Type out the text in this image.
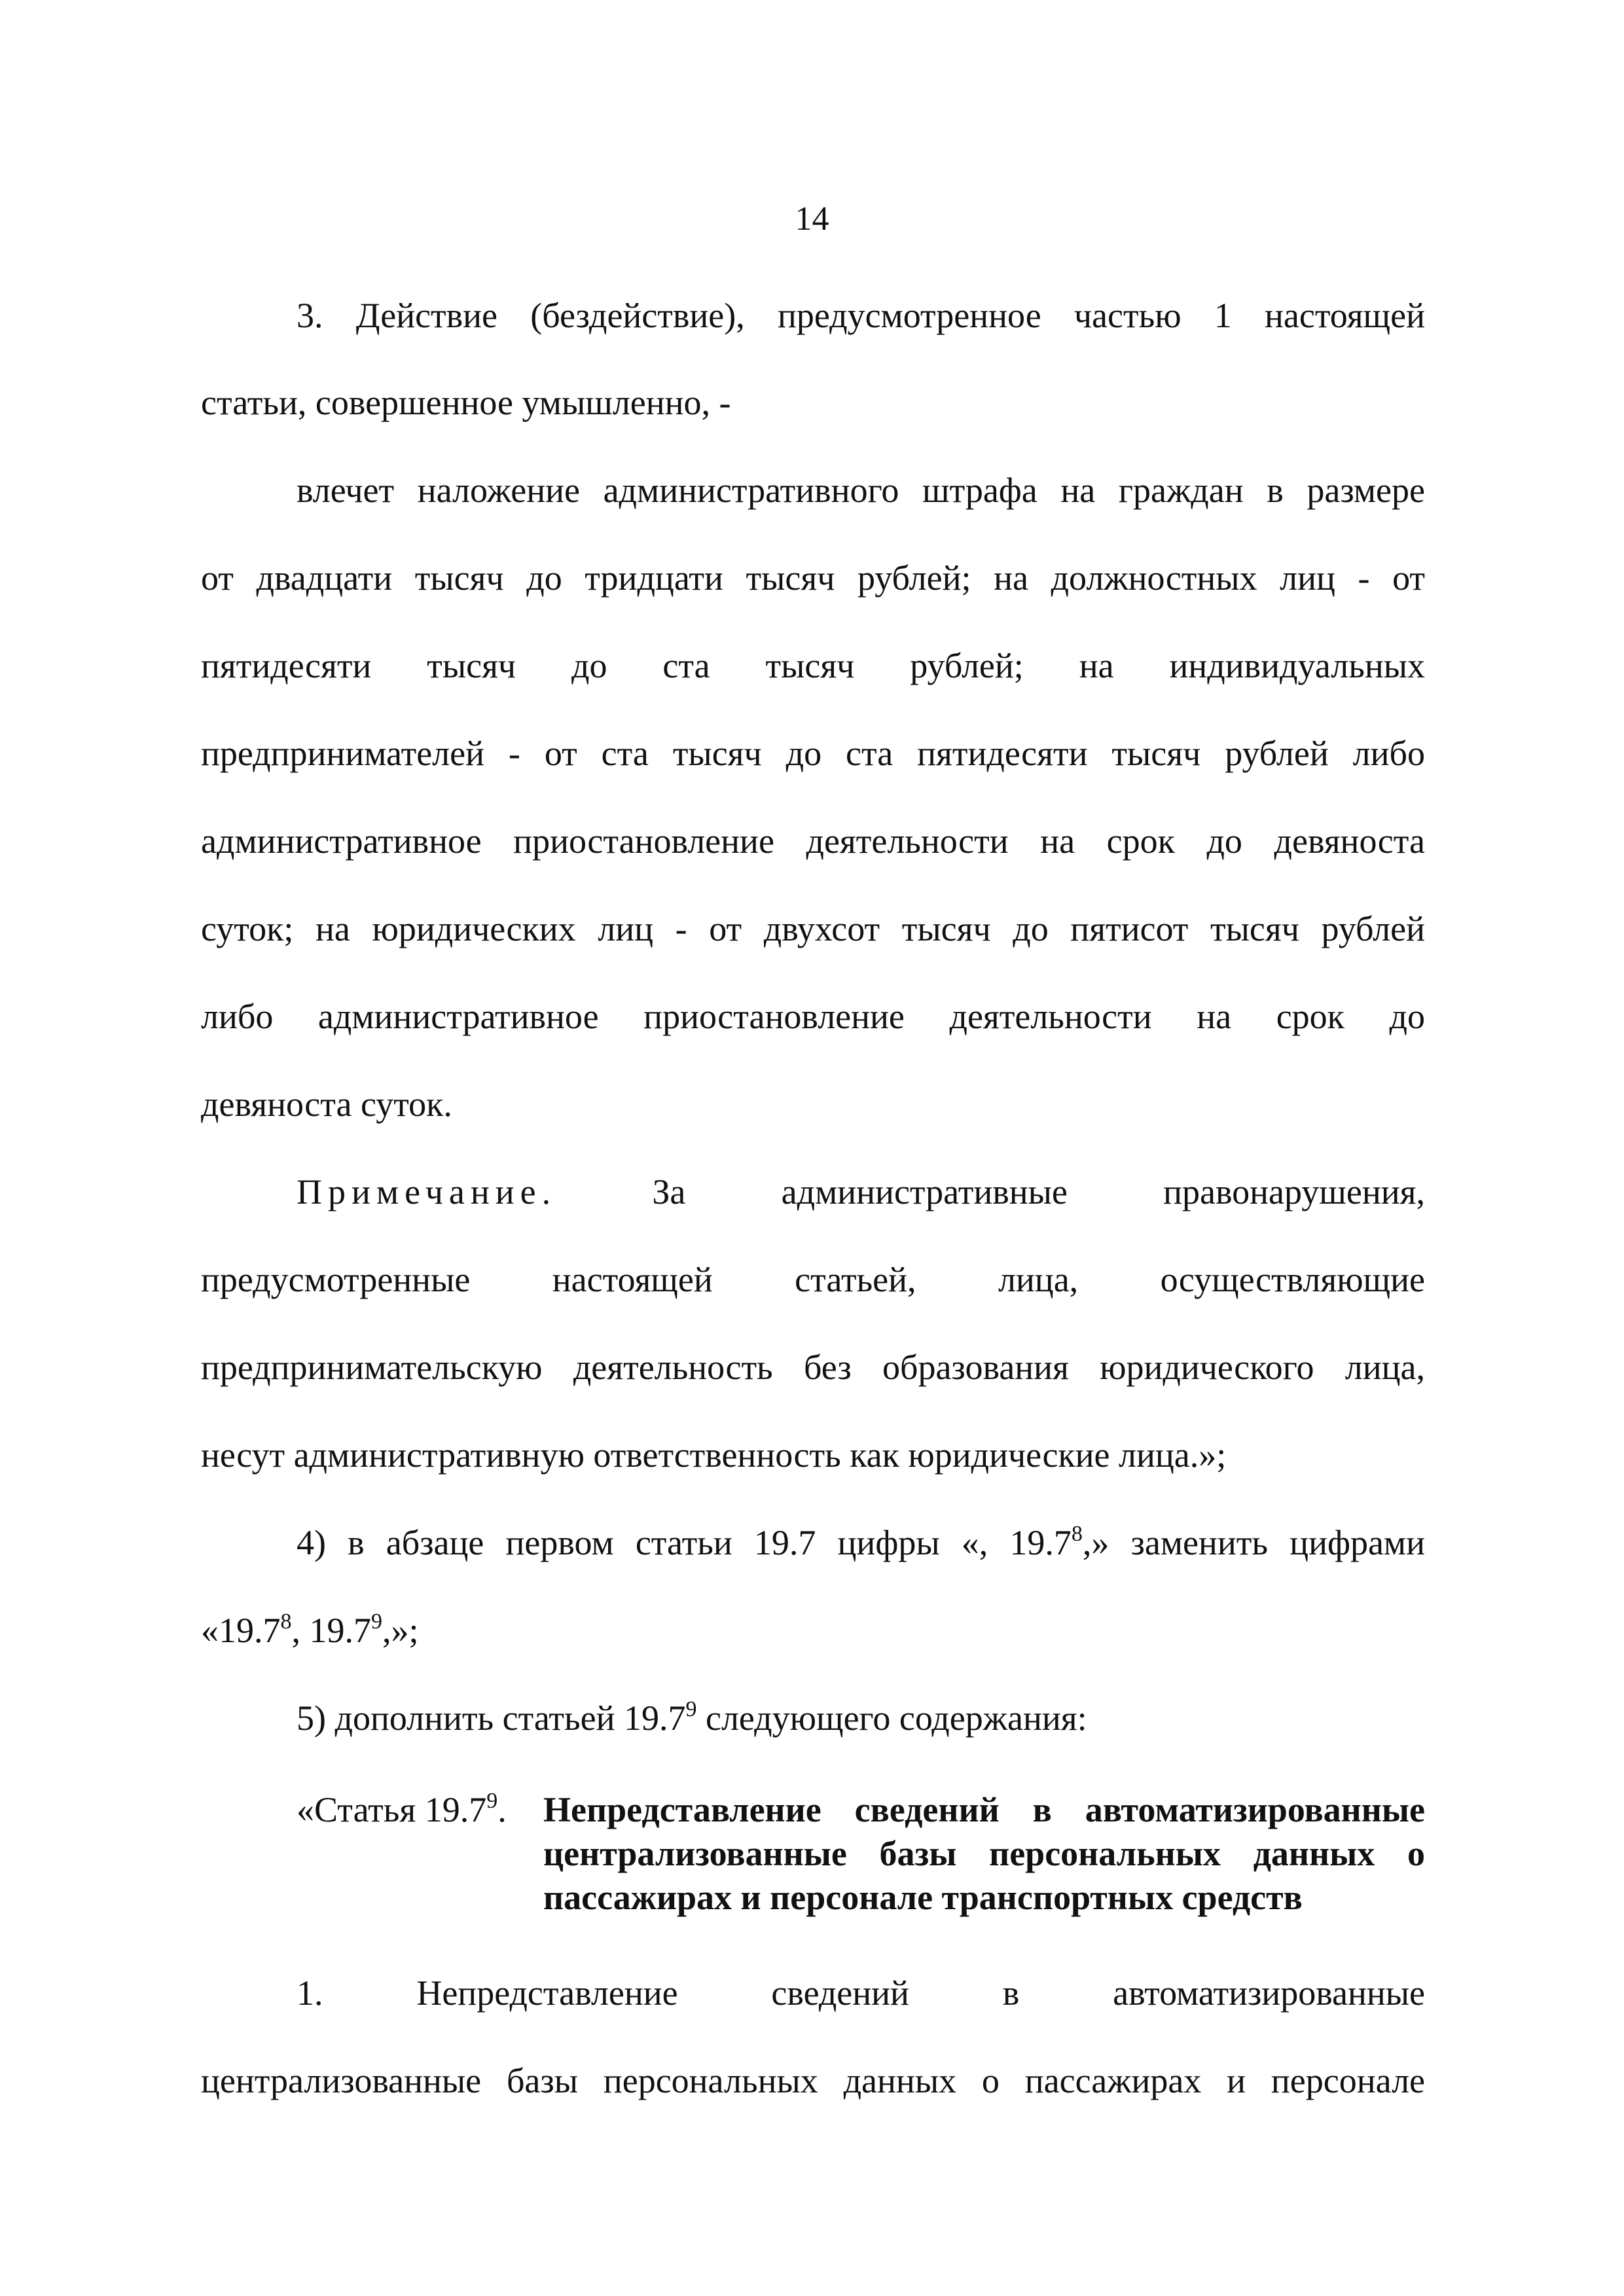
14
3. Действие (бездействие), предусмотренное частью 1 настоящей
статьи, совершенное умышленно, -
влечет наложение административного штрафа на граждан в размере
от двадцати тысяч до тридцати тысяч рублей; на должностных лиц - от
пятидесяти тысяч до ста тысяч рублей; на индивидуальных
предпринимателей - от ста тысяч до ста пятидесяти тысяч рублей либо
административное приостановление деятельности на срок до девяноста
суток; на юридических лиц - от двухсот тысяч до пятисот тысяч рублей
либо административное приостановление деятельности на срок до
девяноста суток.
Примечание.	За административные правонарушения,
предусмотренные настоящей статьей, лица, осуществляющие
предпринимательскую деятельность без образования юридического лица,
несут административную ответственность как юридические лица.»;
4) в абзаце первом статьи 19.7 цифры «, 19.7$^8$,» заменить цифрами
«19.7$^8$, 19.7$^9$,»;
5) дополнить статьей 19.7$^9$ следующего содержания:
«Статья 19.7$^9$. Непредставление сведений в автоматизированные
централизованные базы персональных данных о
пассажирах и персонале транспортных средств
1. Непредставление сведений в автоматизированные
централизованные базы персональных данных о пассажирах и персонале
